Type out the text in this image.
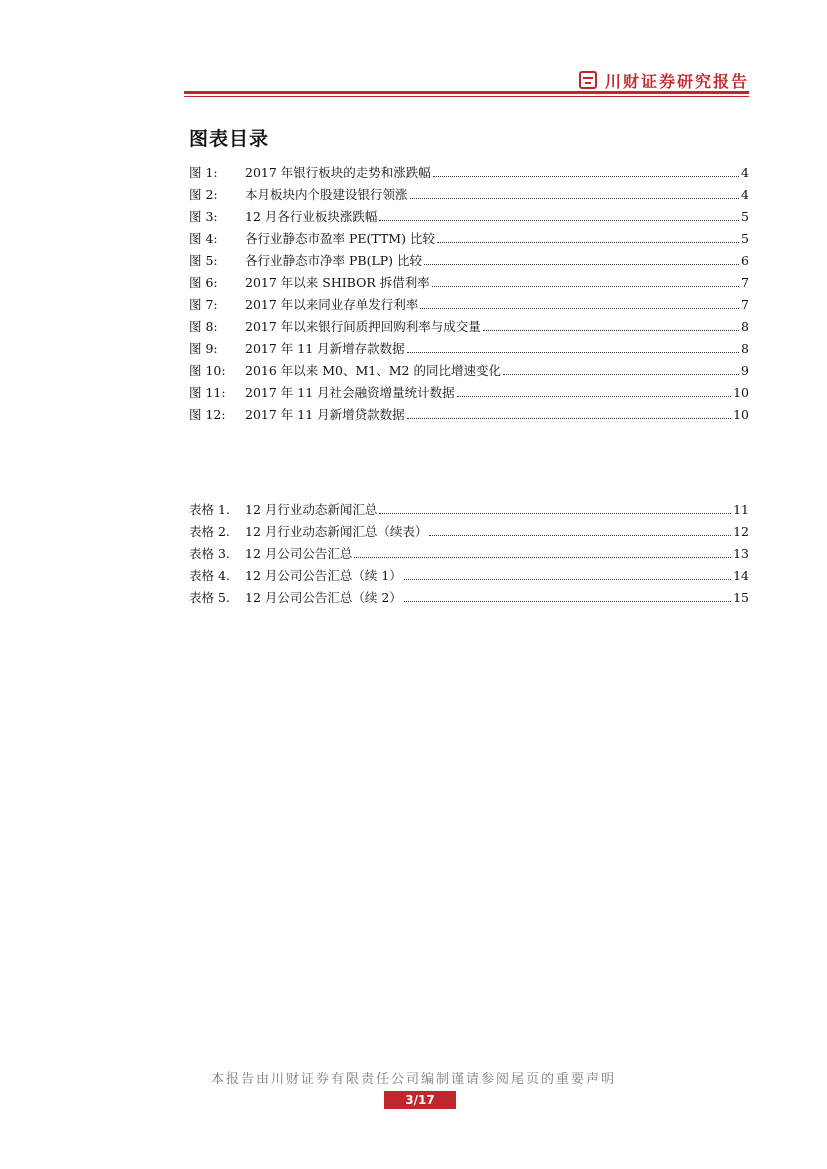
川财证券研究报告
图表目录
图 1:	2017 年银行板块的走势和涨跌幅	4
图 2:	本月板块内个股建设银行领涨	4
图 3:	12 月各行业板块涨跌幅	5
图 4:	各行业静态市盈率 PE(TTM) 比较	5
图 5:	各行业静态市净率 PB(LP) 比较	6
图 6:	2017 年以来 SHIBOR 拆借利率	7
图 7:	2017 年以来同业存单发行利率	7
图 8:	2017 年以来银行间质押回购利率与成交量	8
图 9:	2017 年 11 月新增存款数据	8
图 10:	2016 年以来 M0、M1、M2 的同比增速变化	9
图 11:	2017 年 11 月社会融资增量统计数据	10
图 12:	2017 年 11 月新增贷款数据	10
表格 1.	12 月行业动态新闻汇总	11
表格 2.	12 月行业动态新闻汇总（续表）	12
表格 3.	12 月公司公告汇总	13
表格 4.	12 月公司公告汇总（续 1）	14
表格 5.	12 月公司公告汇总（续 2）	15
本报告由川财证券有限责任公司编制谨请参阅尾页的重要声明
3/17
